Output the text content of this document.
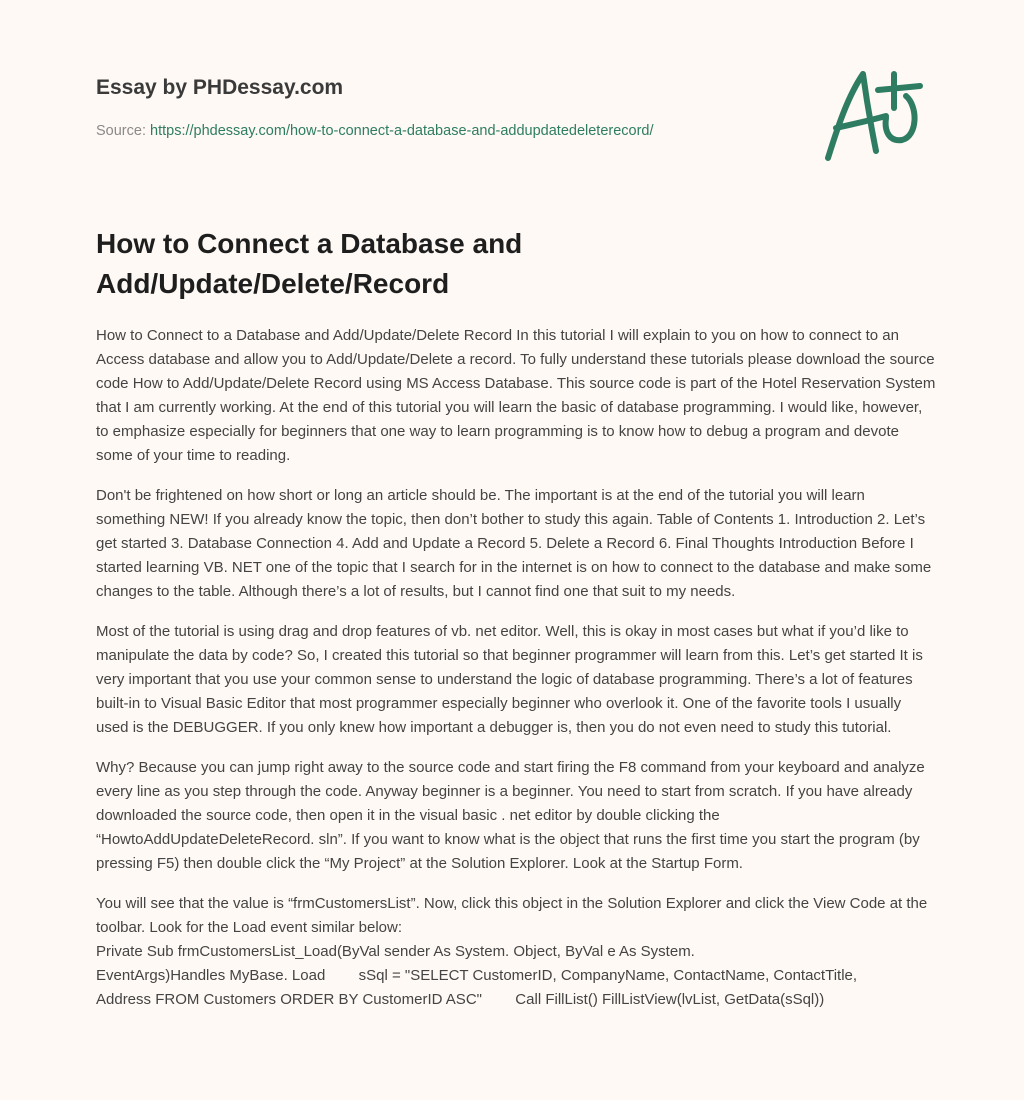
Essay by PHDessay.com
Source: https://phdessay.com/how-to-connect-a-database-and-addupdatedeleterecord/
How to Connect a Database and Add/Update/Delete/Record

How to Connect to a Database and Add/Update/Delete Record In this tutorial I will explain to you on how to connect to an Access database and allow you to Add/Update/Delete a record. To fully understand these tutorials please download the source code How to Add/Update/Delete Record using MS Access Database. This source code is part of the Hotel Reservation System that I am currently working. At the end of this tutorial you will learn the basic of database programming. I would like, however, to emphasize especially for beginners that one way to learn programming is to know how to debug a program and devote some of your time to reading.

Don't be frightened on how short or long an article should be. The important is at the end of the tutorial you will learn something NEW! If you already know the topic, then don’t bother to study this again. Table of Contents 1. Introduction 2. Let’s get started 3. Database Connection 4. Add and Update a Record 5. Delete a Record 6. Final Thoughts Introduction Before I started learning VB. NET one of the topic that I search for in the internet is on how to connect to the database and make some changes to the table. Although there’s a lot of results, but I cannot find one that suit to my needs.

Most of the tutorial is using drag and drop features of vb. net editor. Well, this is okay in most cases but what if you’d like to manipulate the data by code? So, I created this tutorial so that beginner programmer will learn from this. Let’s get started It is very important that you use your common sense to understand the logic of database programming. There’s a lot of features built-in to Visual Basic Editor that most programmer especially beginner who overlook it. One of the favorite tools I usually used is the DEBUGGER. If you only knew how important a debugger is, then you do not even need to study this tutorial.

Why? Because you can jump right away to the source code and start firing the F8 command from your keyboard and analyze every line as you step through the code. Anyway beginner is a beginner. You need to start from scratch. If you have already downloaded the source code, then open it in the visual basic . net editor by double clicking the “HowtoAddUpdateDeleteRecord. sln”. If you want to know what is the object that runs the first time you start the program (by pressing F5) then double click the “My Project” at the Solution Explorer. Look at the Startup Form.

You will see that the value is “frmCustomersList”. Now, click this object in the Solution Explorer and click the View Code at the toolbar. Look for the Load event similar below:
Private Sub frmCustomersList_Load(ByVal sender As System. Object, ByVal e As System.
EventArgs)Handles MyBase. Load        sSql = "SELECT CustomerID, CompanyName, ContactName, ContactTitle,
Address FROM Customers ORDER BY CustomerID ASC"        Call FillList() FillListView(lvList, GetData(sSql))
